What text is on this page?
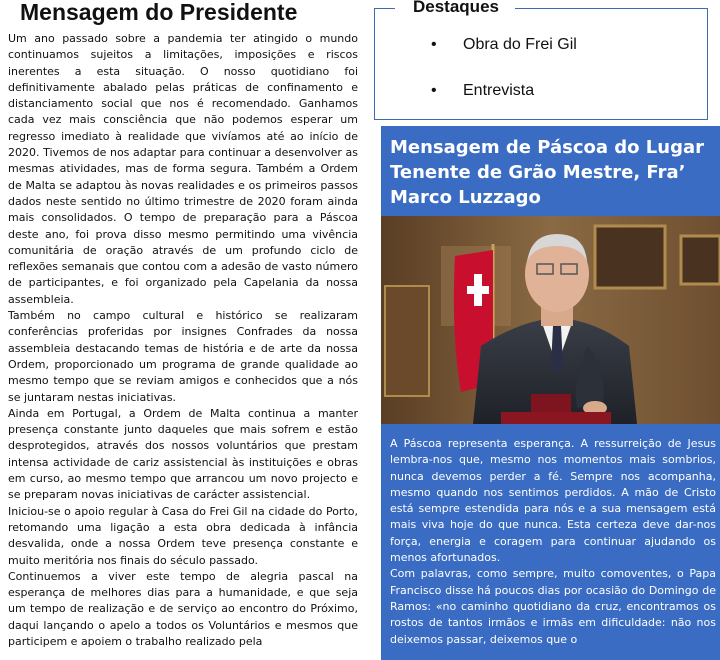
Mensagem do Presidente

Um ano passado sobre a pandemia ter atingido o mundo continuamos sujeitos a limitações, imposições e riscos inerentes a esta situação. O nosso quotidiano foi definitivamente abalado pelas práticas de confinamento e distanciamento social que nos é recomendado. Ganhamos cada vez mais consciência que não podemos esperar um regresso imediato à realidade que vivíamos até ao início de 2020. Tivemos de nos adaptar para continuar a desenvolver as mesmas atividades, mas de forma segura. Também a Ordem de Malta se adaptou às novas realidades e os primeiros passos dados neste sentido no último trimestre de 2020 foram ainda mais consolidados. O tempo de preparação para a Páscoa deste ano, foi prova disso mesmo permitindo uma vivência comunitária de oração através de um profundo ciclo de reflexões semanais que contou com a adesão de vasto número de participantes, e foi organizado pela Capelania da nossa assembleia.

Também no campo cultural e histórico se realizaram conferências proferidas por insignes Confrades da nossa assembleia destacando temas de história e de arte da nossa Ordem, proporcionado um programa de grande qualidade ao mesmo tempo que se reviam amigos e conhecidos que a nós se juntaram nestas iniciativas.

Ainda em Portugal, a Ordem de Malta continua a manter presença constante junto daqueles que mais sofrem e estão desprotegidos, através dos nossos voluntários que prestam intensa actividade de cariz assistencial às instituições e obras em curso, ao mesmo tempo que arrancou um novo projecto e se preparam novas iniciativas de carácter assistencial.

Iniciou-se o apoio regular à Casa do Frei Gil na cidade do Porto, retomando uma ligação a esta obra dedicada à infância desvalida, onde a nossa Ordem teve presença constante e muito meritória nos finais do século passado.

Continuemos a viver este tempo de alegria pascal na esperança de melhores dias para a humanidade, e que seja um tempo de realização e de serviço ao encontro do Próximo, daqui lançando o apelo a todos os Voluntários e mesmos que participem e apoiem o trabalho realizado pela

Destaques
• Obra do Frei Gil
• Entrevista
Mensagem de Páscoa do Lugar Tenente de Grão Mestre, Fra’ Marco Luzzago

A Páscoa representa esperança. A ressurreição de Jesus lembra-nos que, mesmo nos momentos mais sombrios, nunca devemos perder a fé. Sempre nos acompanha, mesmo quando nos sentimos perdidos. A mão de Cristo está sempre estendida para nós e a sua mensagem está mais viva hoje do que nunca. Esta certeza deve dar-nos força, energia e coragem para continuar ajudando os menos afortunados.

Com palavras, como sempre, muito comoventes, o Papa Francisco disse há poucos dias por ocasião do Domingo de Ramos: «no caminho quotidiano da cruz, encontramos os rostos de tantos irmãos e irmãs em dificuldade: não nos deixemos passar, deixemos que o
